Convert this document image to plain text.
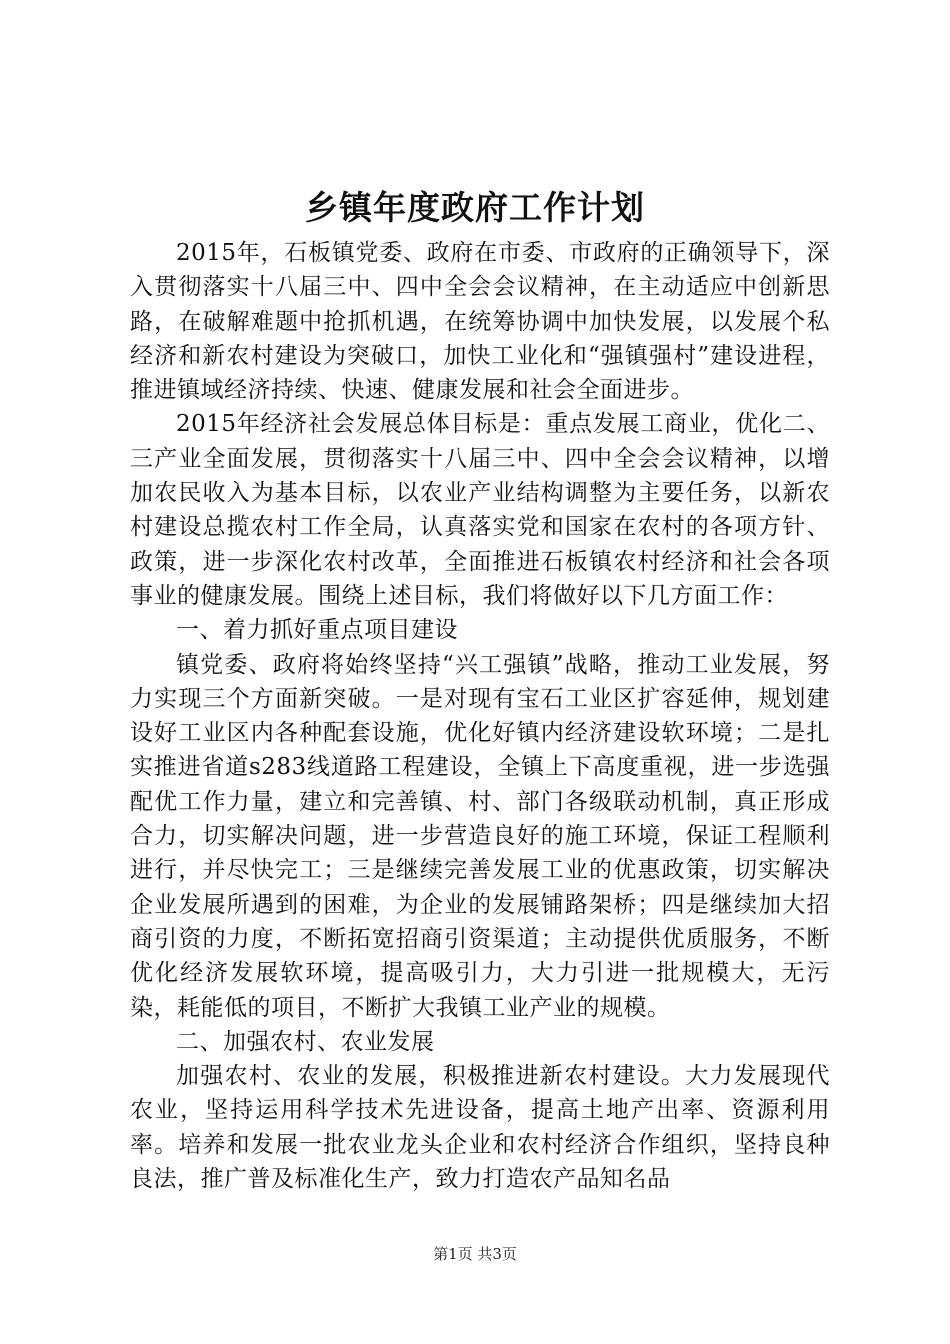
乡镇年度政府工作计划

2015年，石板镇党委、政府在市委、市政府的正确领导下，深入贯彻落实十八届三中、四中全会会议精神，在主动适应中创新思路，在破解难题中抢抓机遇，在统筹协调中加快发展，以发展个私经济和新农村建设为突破口，加快工业化和“强镇强村”建设进程，推进镇域经济持续、快速、健康发展和社会全面进步。

2015年经济社会发展总体目标是：重点发展工商业，优化二、三产业全面发展，贯彻落实十八届三中、四中全会会议精神，以增加农民收入为基本目标，以农业产业结构调整为主要任务，以新农村建设总揽农村工作全局，认真落实党和国家在农村的各项方针、政策，进一步深化农村改革，全面推进石板镇农村经济和社会各项事业的健康发展。围绕上述目标，我们将做好以下几方面工作：

一、着力抓好重点项目建设

镇党委、政府将始终坚持“兴工强镇”战略，推动工业发展，努力实现三个方面新突破。一是对现有宝石工业区扩容延伸，规划建设好工业区内各种配套设施，优化好镇内经济建设软环境；二是扎实推进省道s283线道路工程建设，全镇上下高度重视，进一步选强配优工作力量，建立和完善镇、村、部门各级联动机制，真正形成合力，切实解决问题，进一步营造良好的施工环境，保证工程顺利进行，并尽快完工；三是继续完善发展工业的优惠政策，切实解决企业发展所遇到的困难，为企业的发展铺路架桥；四是继续加大招商引资的力度，不断拓宽招商引资渠道；主动提供优质服务，不断优化经济发展软环境，提高吸引力，大力引进一批规模大，无污染，耗能低的项目，不断扩大我镇工业产业的规模。

二、加强农村、农业发展

加强农村、农业的发展，积极推进新农村建设。大力发展现代农业，坚持运用科学技术先进设备，提高土地产出率、资源利用率。培养和发展一批农业龙头企业和农村经济合作组织，坚持良种良法，推广普及标准化生产，致力打造农产品知名品

第1页 共3页
